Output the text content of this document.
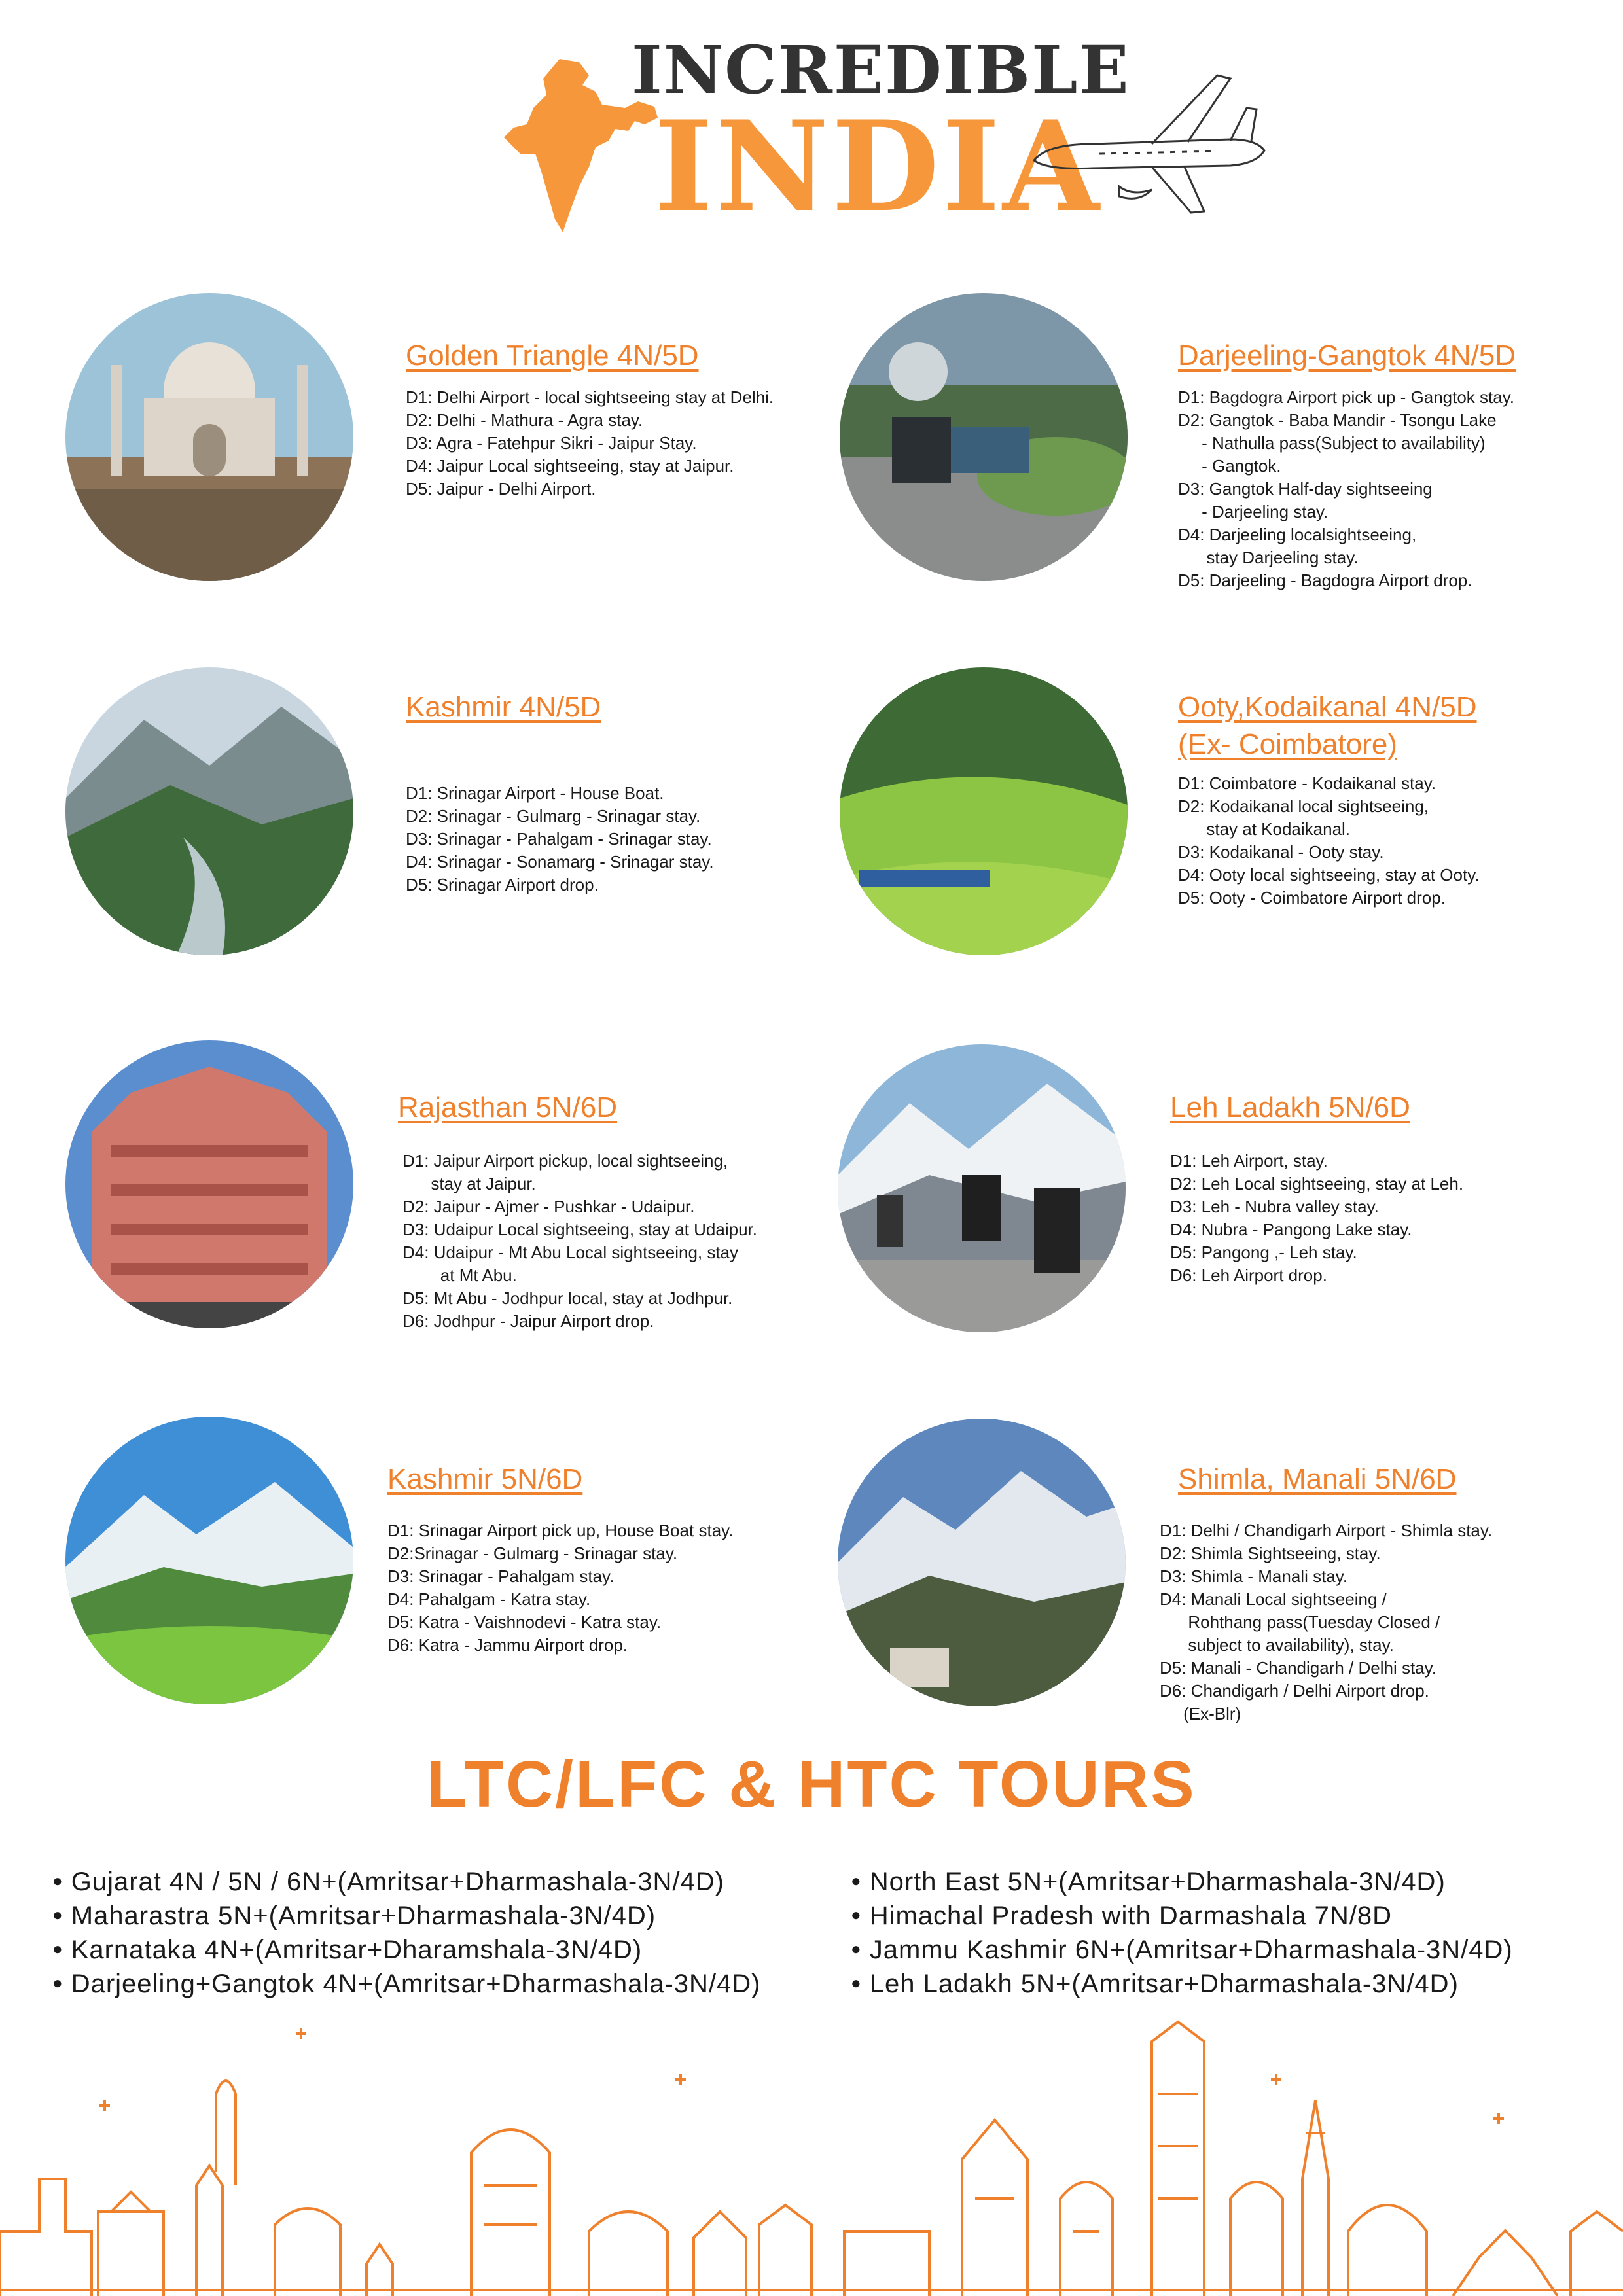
INCREDIBLE
INDIA
Golden Triangle 4N/5D
D1: Delhi Airport - local sightseeing stay at Delhi.
D2: Delhi - Mathura - Agra stay.
D3: Agra - Fatehpur Sikri - Jaipur Stay.
D4: Jaipur Local sightseeing, stay at Jaipur.
D5: Jaipur - Delhi Airport.
Darjeeling-Gangtok 4N/5D
D1: Bagdogra Airport pick up - Gangtok stay.
D2: Gangtok - Baba Mandir - Tsongu Lake
- Nathulla pass(Subject to availability)
- Gangtok.
D3: Gangtok Half-day sightseeing
- Darjeeling stay.
D4: Darjeeling localsightseeing,
stay Darjeeling stay.
D5: Darjeeling - Bagdogra Airport drop.
Kashmir 4N/5D
D1: Srinagar Airport - House Boat.
D2: Srinagar - Gulmarg - Srinagar stay.
D3: Srinagar - Pahalgam - Srinagar stay.
D4: Srinagar - Sonamarg - Srinagar stay.
D5: Srinagar Airport drop.
Ooty,Kodaikanal 4N/5D
(Ex- Coimbatore)
D1: Coimbatore - Kodaikanal stay.
D2: Kodaikanal local sightseeing,
stay at Kodaikanal.
D3: Kodaikanal - Ooty stay.
D4: Ooty local sightseeing, stay at Ooty.
D5: Ooty - Coimbatore Airport drop.
Rajasthan 5N/6D
D1: Jaipur Airport pickup, local sightseeing,
stay at Jaipur.
D2: Jaipur - Ajmer - Pushkar - Udaipur.
D3: Udaipur Local sightseeing, stay at Udaipur.
D4: Udaipur - Mt Abu Local sightseeing, stay
at Mt Abu.
D5: Mt Abu - Jodhpur local, stay at Jodhpur.
D6: Jodhpur - Jaipur Airport drop.
Leh Ladakh 5N/6D
D1: Leh Airport, stay.
D2: Leh Local sightseeing, stay at Leh.
D3: Leh - Nubra valley stay.
D4: Nubra - Pangong Lake stay.
D5: Pangong ,- Leh stay.
D6: Leh Airport drop.
Kashmir 5N/6D
D1: Srinagar Airport pick up, House Boat stay.
D2:Srinagar - Gulmarg - Srinagar stay.
D3: Srinagar - Pahalgam stay.
D4: Pahalgam - Katra stay.
D5: Katra - Vaishnodevi - Katra stay.
D6: Katra - Jammu Airport drop.
Shimla, Manali 5N/6D
D1: Delhi / Chandigarh Airport - Shimla stay.
D2: Shimla Sightseeing, stay.
D3: Shimla - Manali stay.
D4: Manali Local sightseeing /
Rohthang pass(Tuesday Closed /
subject to availability), stay.
D5: Manali - Chandigarh / Delhi stay.
D6: Chandigarh / Delhi Airport drop.
(Ex-Blr)
LTC/LFC & HTC TOURS
● Gujarat 4N / 5N / 6N+(Amritsar+Dharmashala-3N/4D)
● Maharastra 5N+(Amritsar+Dharmashala-3N/4D)
● Karnataka 4N+(Amritsar+Dharamshala-3N/4D)
● Darjeeling+Gangtok 4N+(Amritsar+Dharmashala-3N/4D)
● North East 5N+(Amritsar+Dharmashala-3N/4D)
● Himachal Pradesh with Darmashala 7N/8D
● Jammu Kashmir 6N+(Amritsar+Dharmashala-3N/4D)
● Leh Ladakh 5N+(Amritsar+Dharmashala-3N/4D)
